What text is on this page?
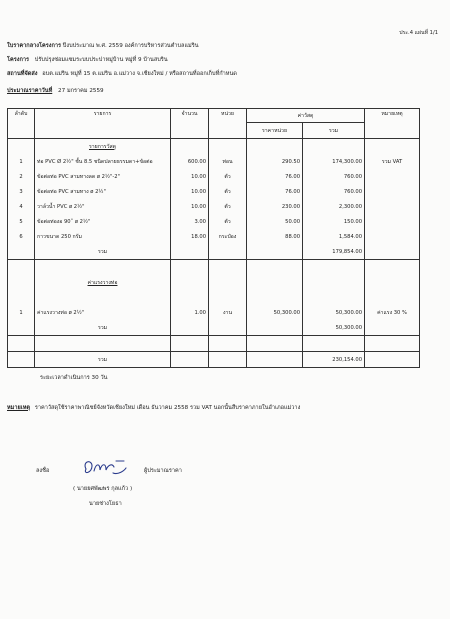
ประ.4 แผ่นที่ 1/1
ใบราคากลางโครงการ ปีงบประมาณ พ.ศ. 2559 องค์การบริหารส่วนตำบลแม่ริน
โครงการ ปรับปรุงซ่อมแซมระบบประปาหมู่บ้าน หมู่ที่ 9 บ้านสบริน
สถานที่จัดส่ง อบต.แม่ริน หมู่ที่ 15 ต.แม่ริน อ.แม่วาง จ.เชียงใหม่ / หรือสถานที่ออกเก็บที่กำหนด
ประมาณราคาวันที่ 27 มกราคม 2559
ลำดับ	รายการ	จำนวน	หน่วย	ค่าวัสดุ		หมายเหตุ
				ราคาหน่วย	รวม	
	รายการวัสดุ					
1	ท่อ PVC Ø 2½" ชั้น 8.5 ชนิดปลายธรรมดา+ข้อต่อ	600.00	ท่อน	290.50	174,300.00	รวม VAT
2	ข้อต่อท่อ PVC สามทางลด ø 2½"-2"	10.00	ตัว	76.00	760.00	
3	ข้อต่อท่อ PVC สามทาง ø 2½"	10.00	ตัว	76.00	760.00	
4	วาล์วน้ำ PVC ø 2½"	10.00	ตัว	230.00	2,300.00	
5	ข้อต่อท่องอ 90˚ ø 2½"	3.00	ตัว	50.00	150.00	
6	กาวขนาด 250 กรัม	18.00	กระป๋อง	88.00	1,584.00	
	รวม				179,854.00	

	ค่าแรงวางท่อ					

1	ค่าแรงวางท่อ ø 2½"	1.00	งาน	50,300.00	50,300.00	ค่าแรง 30 %
	รวม				50,300.00	

	รวม				230,154.00	
ระยะเวลาดำเนินการ 30 วัน
หมายเหตุ ราคาวัสดุใช้ราคาพาณิชย์จังหวัดเชียงใหม่ เดือน ธันวาคม 2558 รวม VAT นอกนั้นสืบราคาภายในอำเภอแม่วาง
ลงชื่อ	ผู้ประมาณราคา
( นายยศพัฒพร กุลแก้ว )
นายช่างโยธา
